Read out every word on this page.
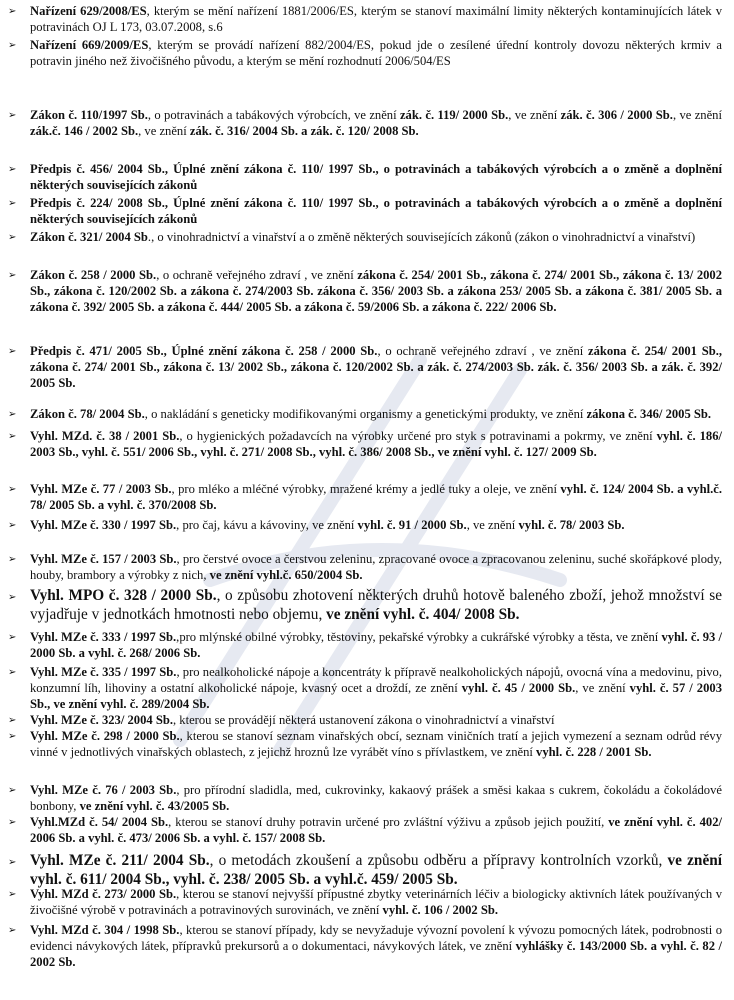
➢ Nařízení 629/2008/ES, kterým se mění nařízení 1881/2006/ES, kterým se stanoví maximální limity některých kontaminujících látek v potravinách OJ L 173, 03.07.2008, s.6
➢ Nařízení 669/2009/ES, kterým se provádí nařízení 882/2004/ES, pokud jde o zesílené úřední kontroly dovozu některých krmiv a potravin jiného než živočišného původu, a kterým se mění rozhodnutí 2006/504/ES
➢ Zákon č. 110/1997 Sb., o potravinách a tabákových výrobcích, ve znění zák. č. 119/ 2000 Sb., ve znění zák. č. 306 / 2000 Sb., ve znění zák.č. 146 / 2002 Sb., ve znění zák. č. 316/ 2004 Sb. a zák. č. 120/ 2008 Sb.
➢ Předpis č. 456/ 2004 Sb., Úplné znění zákona č. 110/ 1997 Sb., o potravinách a tabákových výrobcích a o změně a doplnění některých souvisejících zákonů
➢ Předpis č. 224/ 2008 Sb., Úplné znění zákona č. 110/ 1997 Sb., o potravinách a tabákových výrobcích a o změně a doplnění některých souvisejících zákonů
➢ Zákon č. 321/ 2004 Sb., o vinohradnictví a vinařství a o změně některých souvisejících zákonů (zákon o vinohradnictví a vinařství)
➢ Zákon č. 258 / 2000 Sb., o ochraně veřejného zdraví , ve znění zákona č. 254/ 2001 Sb., zákona č. 274/ 2001 Sb., zákona č. 13/ 2002 Sb., zákona č. 120/2002 Sb. a zákona č. 274/2003 Sb. zákona č. 356/ 2003 Sb. a zákona 253/ 2005 Sb. a zákona č. 381/ 2005 Sb. a zákona č. 392/ 2005 Sb. a zákona č. 444/ 2005 Sb. a zákona č. 59/2006 Sb. a zákona č. 222/ 2006 Sb.
➢ Předpis č. 471/ 2005 Sb., Úplné znění zákona č. 258 / 2000 Sb., o ochraně veřejného zdraví , ve znění zákona č. 254/ 2001 Sb., zákona č. 274/ 2001 Sb., zákona č. 13/ 2002 Sb., zákona č. 120/2002 Sb. a zák. č. 274/2003 Sb. zák. č. 356/ 2003 Sb. a zák. č. 392/ 2005 Sb.
➢ Zákon č. 78/ 2004 Sb., o nakládání s geneticky modifikovanými organismy a genetickými produkty, ve znění zákona č. 346/ 2005 Sb.
➢ Vyhl. MZd. č. 38 / 2001 Sb., o hygienických požadavcích na výrobky určené pro styk s potravinami a pokrmy, ve znění vyhl. č. 186/ 2003 Sb., vyhl. č. 551/ 2006 Sb., vyhl. č. 271/ 2008 Sb., vyhl. č. 386/ 2008 Sb., ve znění vyhl. č. 127/ 2009 Sb.
➢ Vyhl. MZe č. 77 / 2003 Sb., pro mléko a mléčné výrobky, mražené krémy a jedlé tuky a oleje, ve znění vyhl. č. 124/ 2004 Sb. a vyhl.č. 78/ 2005 Sb. a vyhl. č. 370/2008 Sb.
➢ Vyhl. MZe č. 330 / 1997 Sb., pro čaj, kávu a kávoviny, ve znění vyhl. č. 91 / 2000 Sb., ve znění vyhl. č. 78/ 2003 Sb.
➢ Vyhl. MZe č. 157 / 2003 Sb., pro čerstvé ovoce a čerstvou zeleninu, zpracované ovoce a zpracovanou zeleninu, suché skořápkové plody, houby, brambory a výrobky z nich, ve znění vyhl.č. 650/2004 Sb.
➢ Vyhl. MPO č. 328 / 2000 Sb., o způsobu zhotovení některých druhů hotově baleného zboží, jehož množství se vyjadřuje v jednotkách hmotnosti nebo objemu, ve znění vyhl. č. 404/ 2008 Sb.
➢ Vyhl. MZe č. 333 / 1997 Sb.,pro mlýnské obilné výrobky, těstoviny, pekařské výrobky a cukrářské výrobky a těsta, ve znění vyhl. č. 93 / 2000 Sb. a vyhl. č. 268/ 2006 Sb.
➢ Vyhl. MZe č. 335 / 1997 Sb., pro nealkoholické nápoje a koncentráty k přípravě nealkoholických nápojů, ovocná vína a medovinu, pivo, konzumní líh, lihoviny a ostatní alkoholické nápoje, kvasný ocet a droždí, ze znění vyhl. č. 45 / 2000 Sb., ve znění vyhl. č. 57 / 2003 Sb., ve znění vyhl. č. 289/2004 Sb.
➢ Vyhl. MZe č. 323/ 2004 Sb., kterou se provádějí některá ustanovení zákona o vinohradnictví a vinařství
➢ Vyhl. MZe č. 298 / 2000 Sb., kterou se stanoví seznam vinařských obcí, seznam viničních tratí a jejich vymezení a seznam odrůd révy vinné v jednotlivých vinařských oblastech, z jejichž hroznů lze vyrábět víno s přívlastkem, ve znění vyhl. č. 228 / 2001 Sb.
➢ Vyhl. MZe č. 76 / 2003 Sb., pro přírodní sladidla, med, cukrovinky, kakaový prášek a směsi kakaa s cukrem, čokoládu a čokoládové bonbony, ve znění vyhl. č. 43/2005 Sb.
➢ Vyhl.MZd č. 54/ 2004 Sb., kterou se stanoví druhy potravin určené pro zvláštní výživu a způsob jejich použití, ve znění vyhl. č. 402/ 2006 Sb. a vyhl. č. 473/ 2006 Sb. a vyhl. č. 157/ 2008 Sb.
➢ Vyhl. MZe č. 211/ 2004 Sb., o metodách zkoušení a způsobu odběru a přípravy kontrolních vzorků, ve znění vyhl. č. 611/ 2004 Sb., vyhl. č. 238/ 2005 Sb. a vyhl.č. 459/ 2005 Sb.
➢ Vyhl. MZd č. 273/ 2000 Sb., kterou se stanoví nejvyšší přípustné zbytky veterinárních léčiv a biologicky aktivních látek používaných v živočišné výrobě v potravinách a potravinových surovinách, ve znění vyhl. č. 106 / 2002 Sb.
➢ Vyhl. MZd č. 304 / 1998 Sb., kterou se stanoví případy, kdy se nevyžaduje vývozní povolení k vývozu pomocných látek, podrobnosti o evidenci návykových látek, přípravků prekursorů a o dokumentaci, návykových látek, ve znění vyhlášky č. 143/2000 Sb. a vyhl. č. 82 / 2002 Sb.
